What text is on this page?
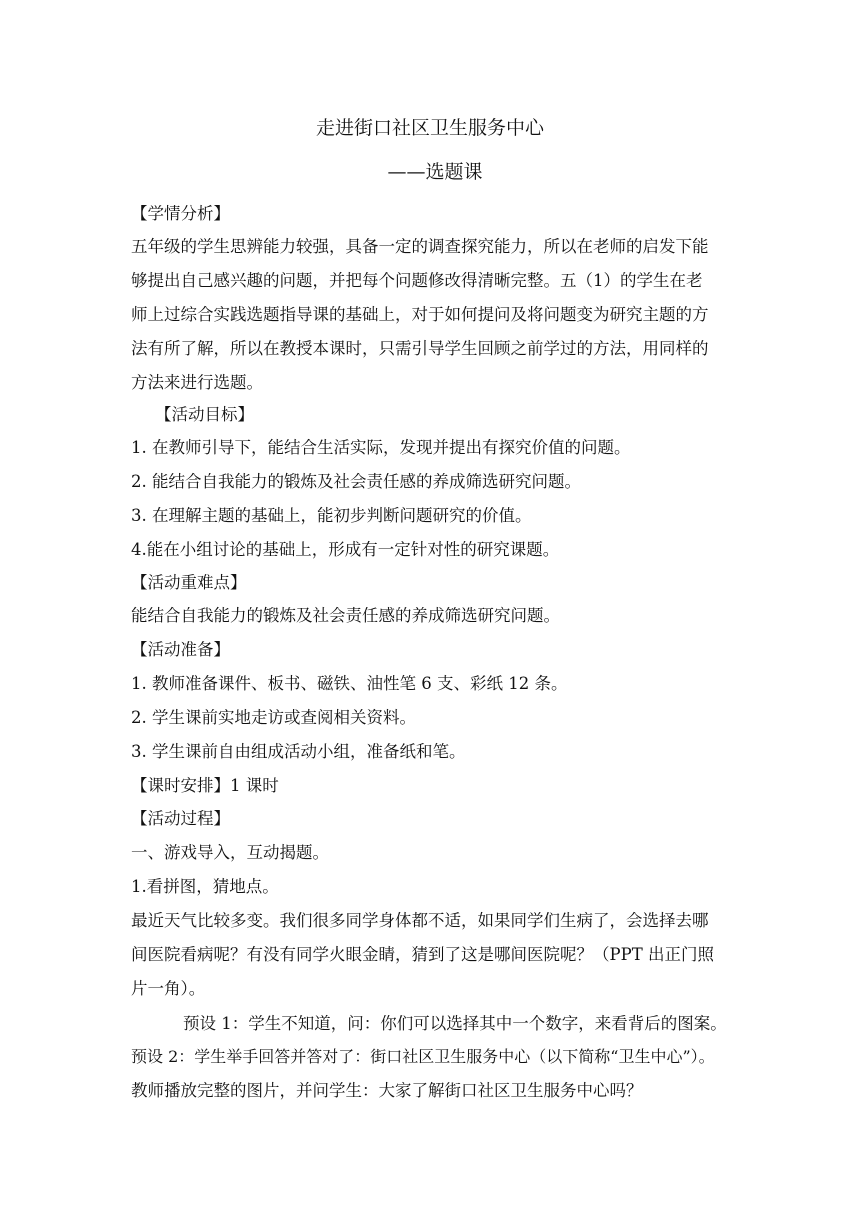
走进街口社区卫生服务中心
——选题课
【学情分析】
五年级的学生思辨能力较强，具备一定的调查探究能力，所以在老师的启发下能
够提出自己感兴趣的问题，并把每个问题修改得清晰完整。五（1）的学生在老
师上过综合实践选题指导课的基础上，对于如何提问及将问题变为研究主题的方
法有所了解，所以在教授本课时，只需引导学生回顾之前学过的方法，用同样的
方法来进行选题。
【活动目标】
1. 在教师引导下，能结合生活实际，发现并提出有探究价值的问题。
2. 能结合自我能力的锻炼及社会责任感的养成筛选研究问题。
3. 在理解主题的基础上，能初步判断问题研究的价值。
4.能在小组讨论的基础上，形成有一定针对性的研究课题。
【活动重难点】
能结合自我能力的锻炼及社会责任感的养成筛选研究问题。
【活动准备】
1. 教师准备课件、板书、磁铁、油性笔 6 支、彩纸 12 条。
2. 学生课前实地走访或查阅相关资料。
3. 学生课前自由组成活动小组，准备纸和笔。
【课时安排】1 课时
【活动过程】
一、游戏导入，互动揭题。
1.看拼图，猜地点。
最近天气比较多变。我们很多同学身体都不适，如果同学们生病了，会选择去哪
间医院看病呢？有没有同学火眼金睛，猜到了这是哪间医院呢？（PPT 出正门照
片一角）。
预设 1：学生不知道，问：你们可以选择其中一个数字，来看背后的图案。
预设 2：学生举手回答并答对了：街口社区卫生服务中心（以下简称“卫生中心”）。
教师播放完整的图片，并问学生：大家了解街口社区卫生服务中心吗？
